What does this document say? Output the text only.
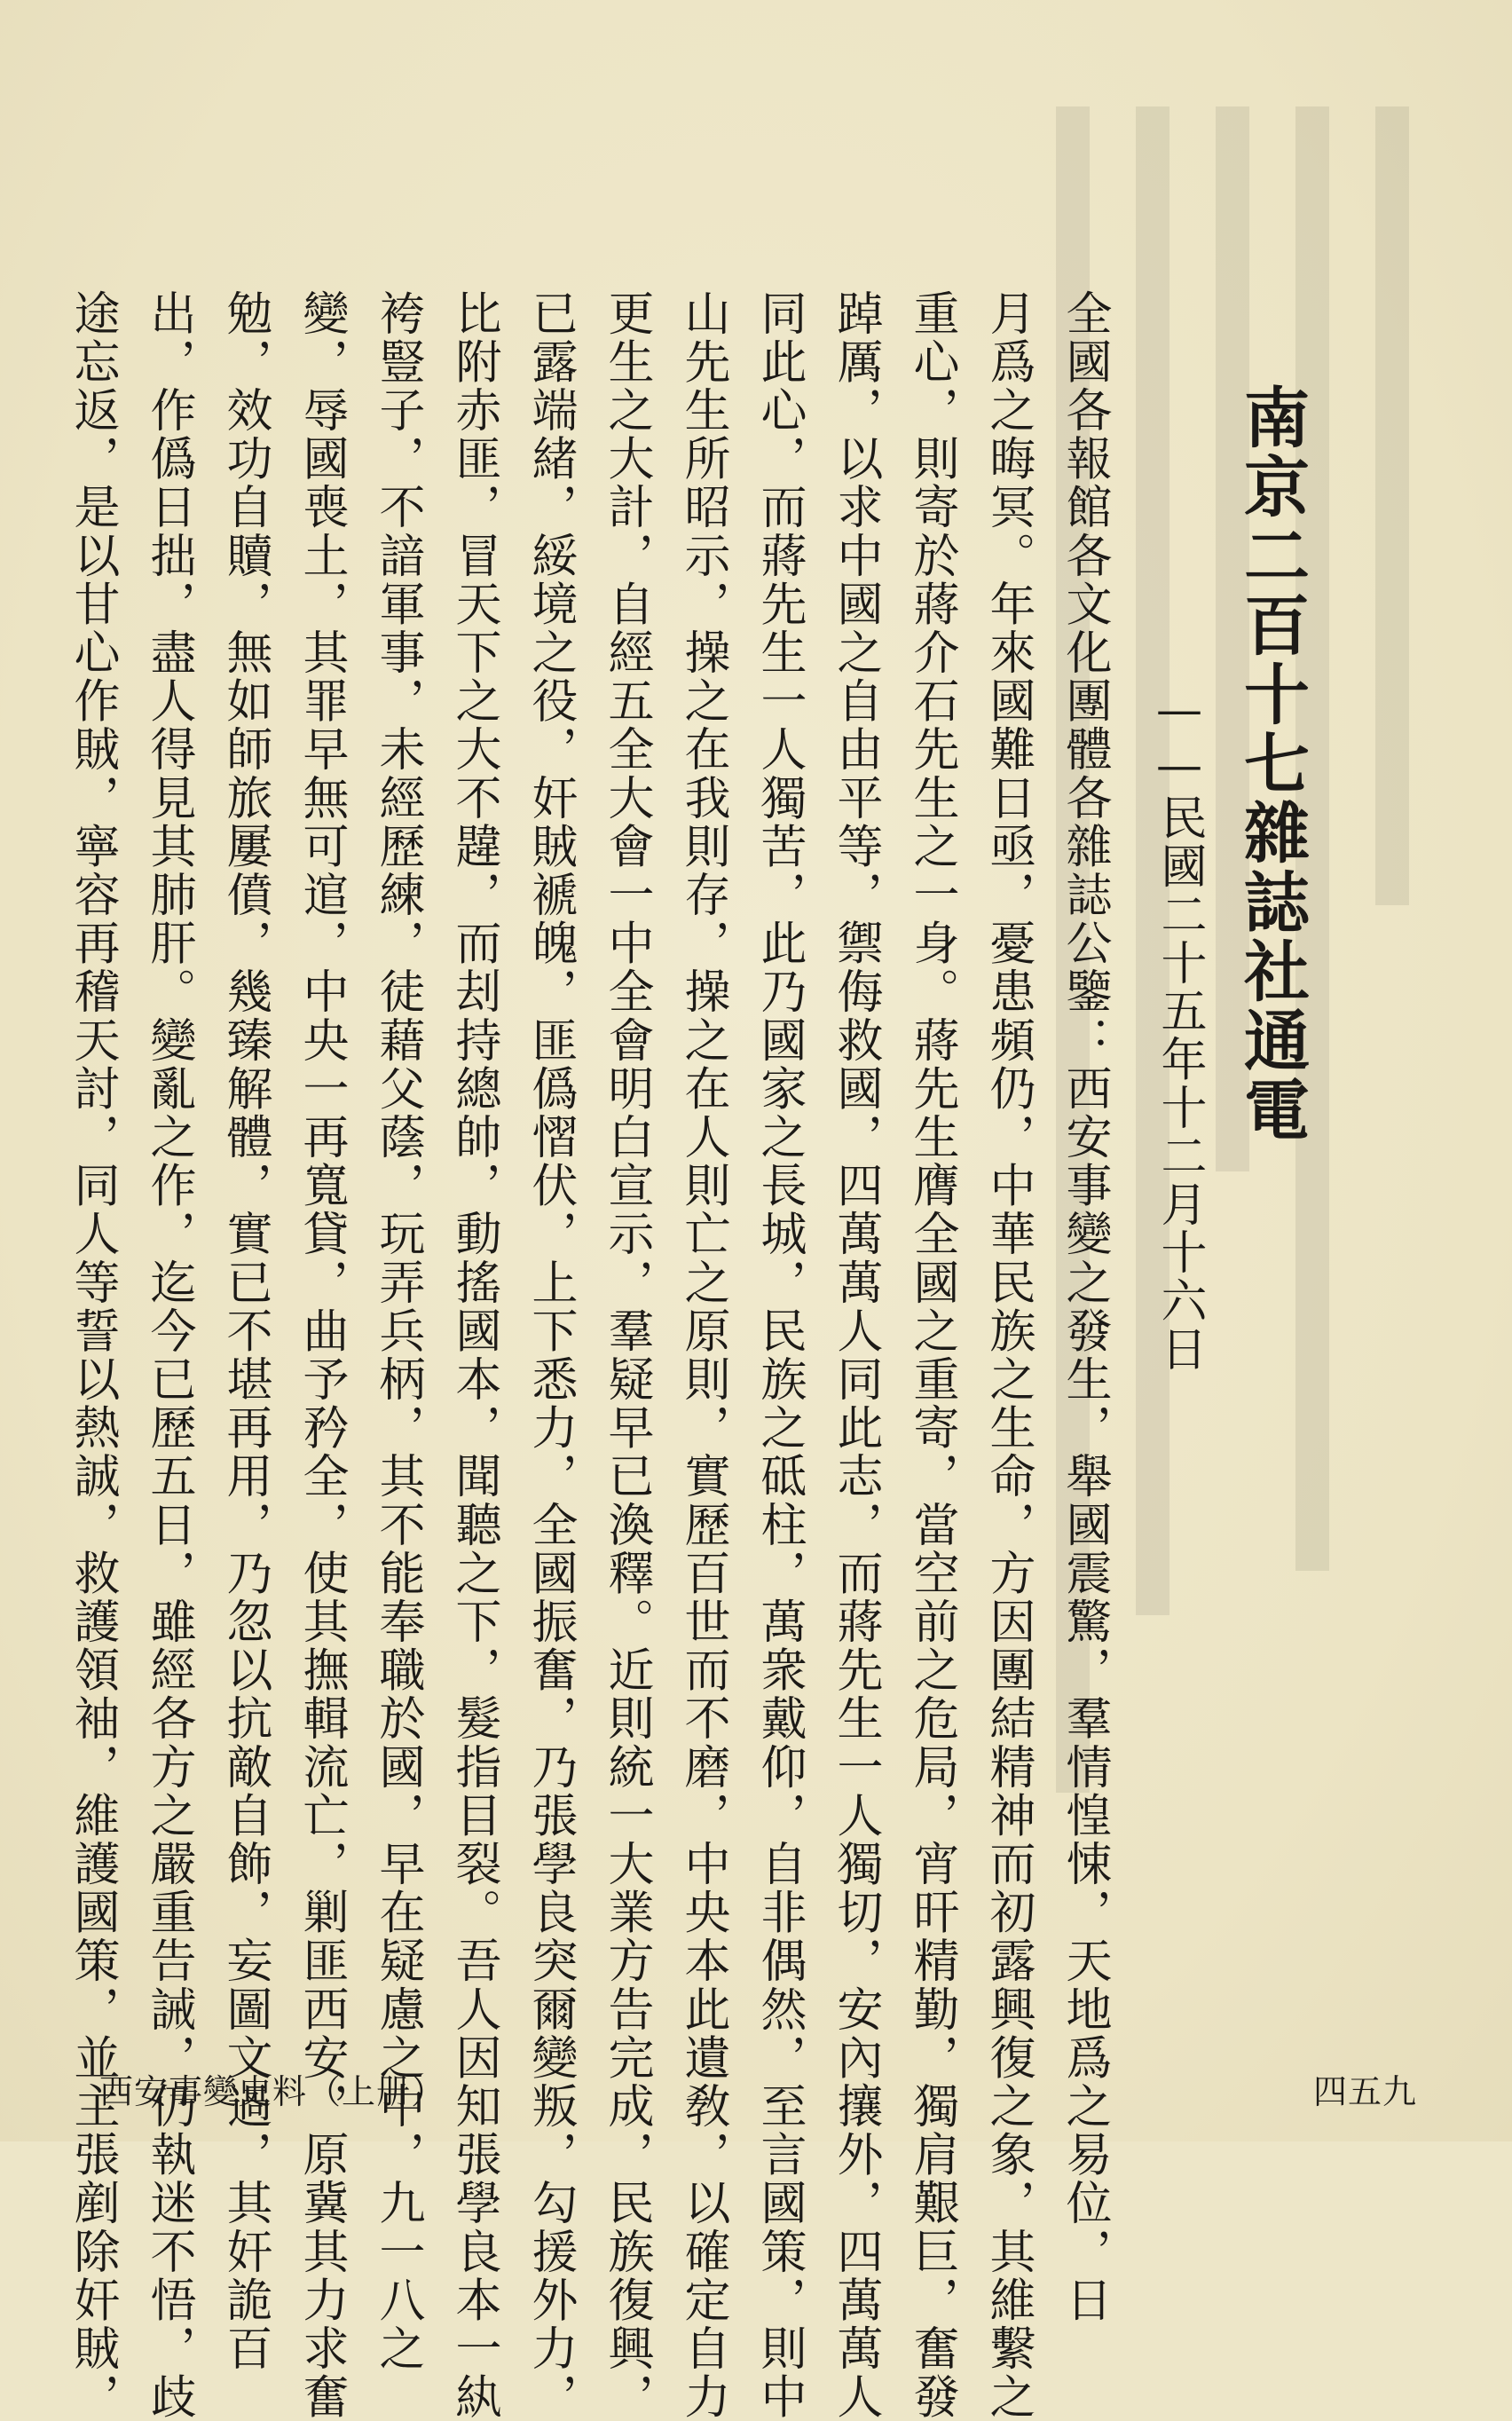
南京二百十七雜誌社通電
——民國二十五年十二月十六日
全國各報館各文化團體各雜誌公鑒：西安事變之發生，舉國震驚，羣情惶悚，天地爲之易位，日
月爲之晦冥。年來國難日亟，憂患頻仍，中華民族之生命，方因團結精神而初露興復之象，其維繫之
重心，則寄於蔣介石先生之一身。蔣先生膺全國之重寄，當空前之危局，宵旰精勤，獨肩艱巨，奮發
踔厲，以求中國之自由平等，禦侮救國，四萬萬人同此志，而蔣先生一人獨切，安內攘外，四萬萬人
同此心，而蔣先生一人獨苦，此乃國家之長城，民族之砥柱，萬衆戴仰，自非偶然，至言國策，則中
山先生所昭示，操之在我則存，操之在人則亡之原則，實歷百世而不磨，中央本此遺敎，以確定自力
更生之大計，自經五全大會一中全會明白宣示，羣疑早已渙釋。近則統一大業方告完成，民族復興，
已露端緒，綏境之役，奸賊褫魄，匪僞慴伏，上下悉力，全國振奮，乃張學良突爾變叛，勾援外力，
比附赤匪，冒天下之大不韙，而刦持總帥，動搖國本，聞聽之下，髮指目裂。吾人因知張學良本一紈
袴豎子，不諳軍事，未經歷練，徒藉父蔭，玩弄兵柄，其不能奉職於國，早在疑慮之中，九一八之
變，辱國喪土，其罪早無可逭，中央一再寬貸，曲予矜全，使其撫輯流亡，剿匪西安，原冀其力求奮
勉，效功自贖，無如師旅屢僨，幾臻解體，實已不堪再用，乃忽以抗敵自飾，妄圖文過，其奸詭百
出，作僞日拙，盡人得見其肺肝。變亂之作，迄今已歷五日，雖經各方之嚴重告誡，仍執迷不悟，歧
途忘返，是以甘心作賊，寧容再稽天討，同人等誓以熱誠，救護領袖，維護國策，並主張剷除奸賊，	四五九
西安事變史料（上册）
